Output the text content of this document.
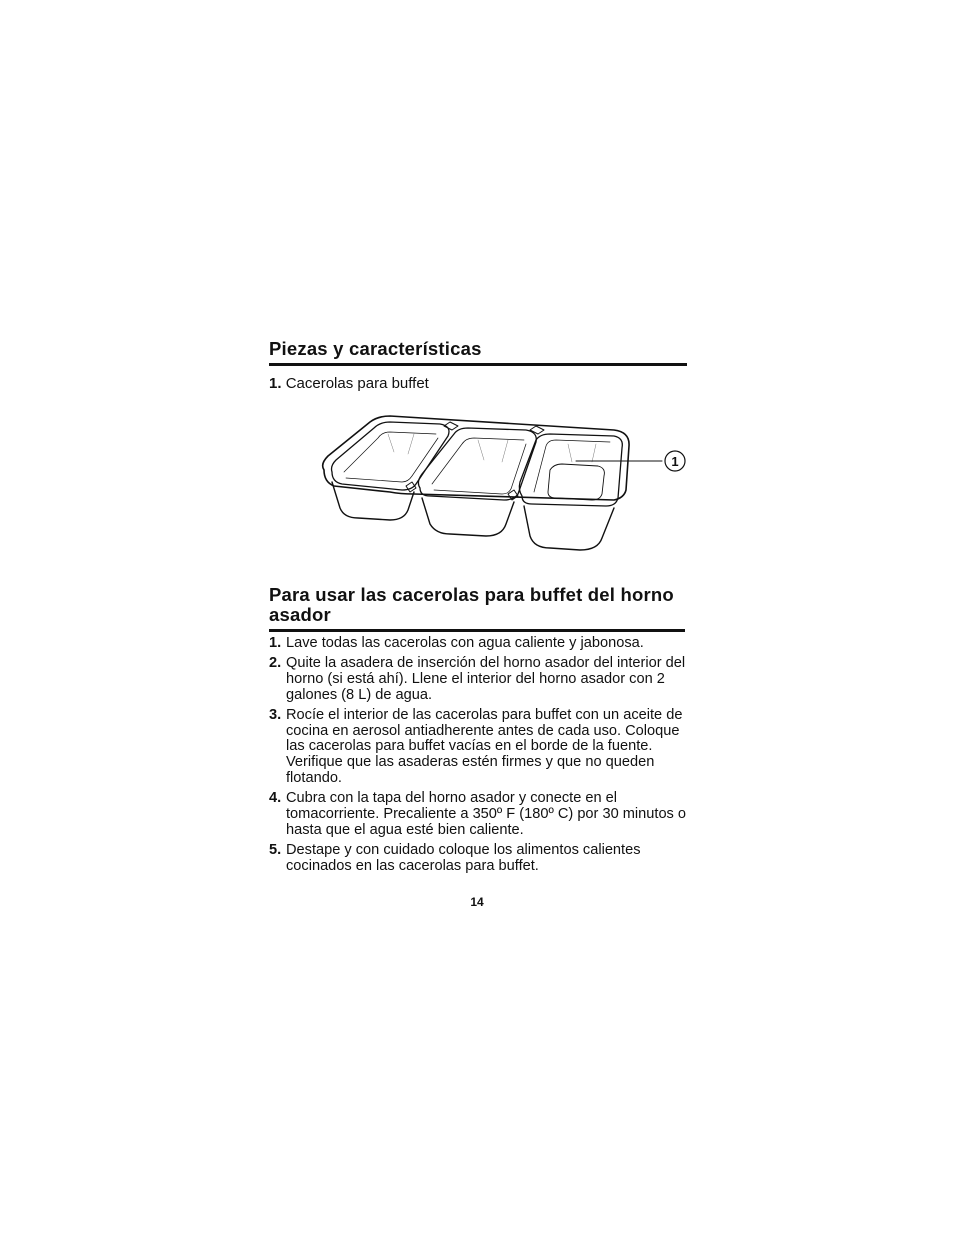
Piezas y características
1. Cacerolas para buffet
1
Para usar las cacerolas para buffet del horno asador
1. Lave todas las cacerolas con agua caliente y jabonosa.
2. Quite la asadera de inserción del horno asador del interior del horno (si está ahí). Llene el interior del horno asador con 2 galones (8 L) de agua.
3. Rocíe el interior de las cacerolas para buffet con un aceite de cocina en aerosol antiadherente antes de cada uso. Coloque las cacerolas para buffet vacías en el borde de la fuente. Verifique que las asaderas estén firmes y que no queden flotando.
4. Cubra con la tapa del horno asador y conecte en el tomacorriente. Precaliente a 350º F (180º C) por 30 minutos o hasta que el agua esté bien caliente.
5. Destape y con cuidado coloque los alimentos calientes cocinados en las cacerolas para buffet.
14
